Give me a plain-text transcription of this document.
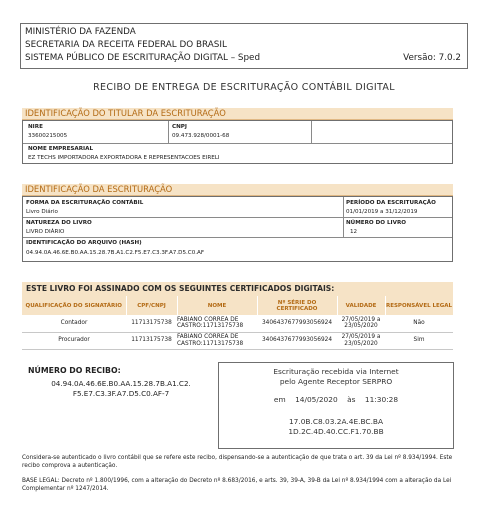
MINISTÉRIO DA FAZENDA
SECRETARIA DA RECEITA FEDERAL DO BRASIL
SISTEMA PÚBLICO DE ESCRITURAÇÃO DIGITAL – Sped	Versão: 7.0.2
RECIBO DE ENTREGA DE ESCRITURAÇÃO CONTÁBIL DIGITAL
IDENTIFICAÇÃO DO TITULAR DA ESCRITURAÇÃO
NIRE
33600215005
CNPJ
09.473.928/0001-68
NOME EMPRESARIAL
EZ TECHS IMPORTADORA EXPORTADORA E REPRESENTACOES EIRELI
IDENTIFICAÇÃO DA ESCRITURAÇÃO
FORMA DA ESCRITURAÇÃO CONTÁBIL
Livro Diário
PERÍODO DA ESCRITURAÇÃO
01/01/2019 a 31/12/2019
NATUREZA DO LIVRO
LIVRO DIÁRIO
NÚMERO DO LIVRO
12
IDENTIFICAÇÃO DO ARQUIVO (HASH)
04.94.0A.46.6E.B0.AA.15.28.7B.A1.C2.F5.E7.C3.3F.A7.D5.C0.AF
ESTE LIVRO FOI ASSINADO COM OS SEGUINTES CERTIFICADOS DIGITAIS:
QUALIFICAÇÃO DO SIGNATÁRIO	CPF/CNPJ	NOME	Nº SÉRIE DO CERTIFICADO	VALIDADE	RESPONSÁVEL LEGAL
Contador	11713175738	FABIANO CORREA DE CASTRO:11713175738	3406437677993056924	27/05/2019 a 23/05/2020	Não
Procurador	11713175738	FABIANO CORREA DE CASTRO:11713175738	3406437677993056924	27/05/2019 a 23/05/2020	Sim
NÚMERO DO RECIBO:
04.94.0A.46.6E.B0.AA.15.28.7B.A1.C2.
F5.E7.C3.3F.A7.D5.C0.AF-7
Escrituração recebida via Internet
pelo Agente Receptor SERPRO
em 14/05/2020 às 11:30:28
17.0B.C8.03.2A.4E.BC.BA
1D.2C.4D.40.CC.F1.70.BB
Considera-se autenticado o livro contábil que se refere este recibo, dispensando-se a autenticação de que trata o art. 39 da Lei nº 8.934/1994. Este recibo comprova a autenticação.
BASE LEGAL: Decreto nº 1.800/1996, com a alteração do Decreto nº 8.683/2016, e arts. 39, 39-A, 39-B da Lei nº 8.934/1994 com a alteração da Lei Complementar nº 1247/2014.
